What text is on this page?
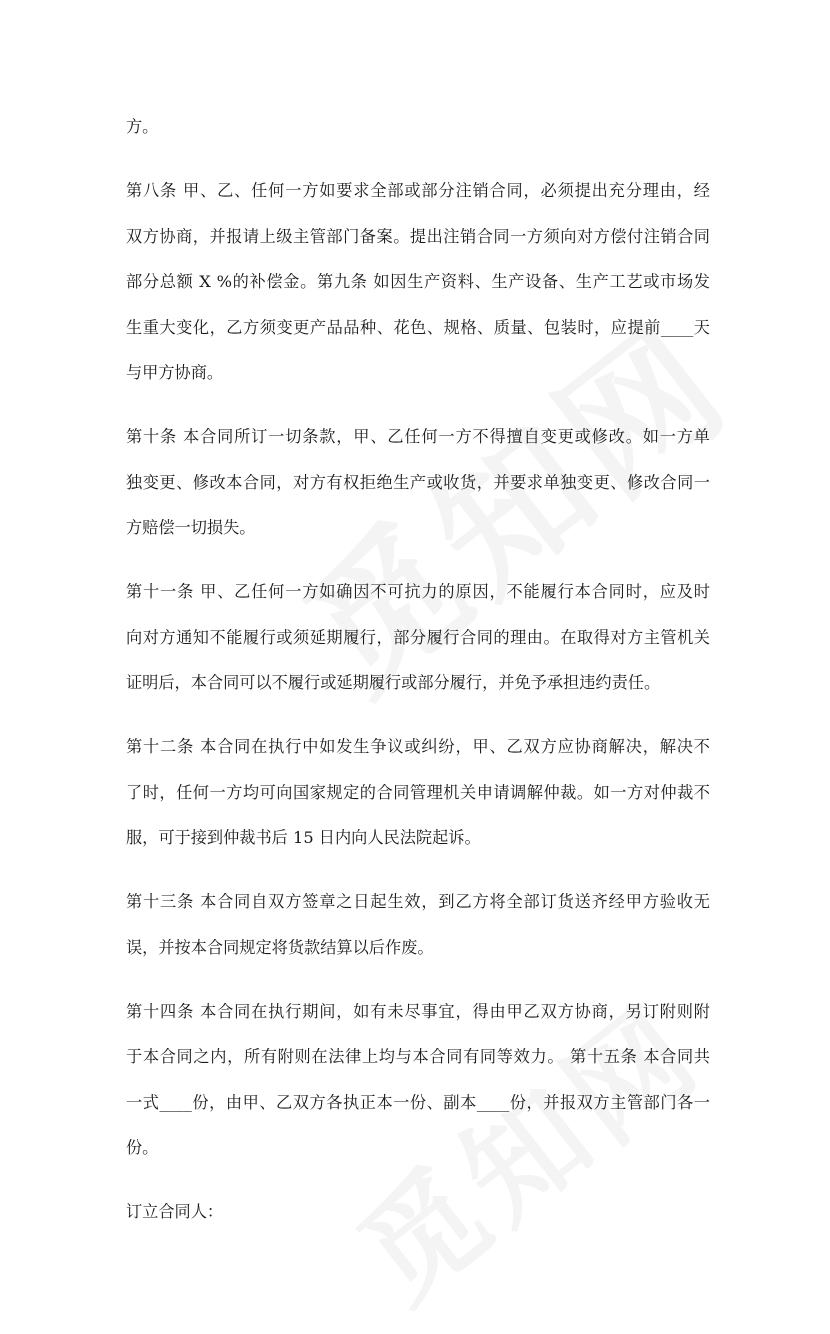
方。

第八条 甲、乙、任何一方如要求全部或部分注销合同，必须提出充分理由，经
双方协商，并报请上级主管部门备案。提出注销合同一方须向对方偿付注销合同
部分总额 X %的补偿金。第九条 如因生产资料、生产设备、生产工艺或市场发
生重大变化，乙方须变更产品品种、花色、规格、质量、包装时，应提前____天
与甲方协商。

第十条 本合同所订一切条款，甲、乙任何一方不得擅自变更或修改。如一方单
独变更、修改本合同，对方有权拒绝生产或收货，并要求单独变更、修改合同一
方赔偿一切损失。

第十一条 甲、乙任何一方如确因不可抗力的原因，不能履行本合同时，应及时
向对方通知不能履行或须延期履行，部分履行合同的理由。在取得对方主管机关
证明后，本合同可以不履行或延期履行或部分履行，并免予承担违约责任。

第十二条 本合同在执行中如发生争议或纠纷，甲、乙双方应协商解决，解决不
了时，任何一方均可向国家规定的合同管理机关申请调解仲裁。如一方对仲裁不
服，可于接到仲裁书后 15 日内向人民法院起诉。

第十三条 本合同自双方签章之日起生效，到乙方将全部订货送齐经甲方验收无
误，并按本合同规定将货款结算以后作废。

第十四条 本合同在执行期间，如有未尽事宜，得由甲乙双方协商，另订附则附
于本合同之内，所有附则在法律上均与本合同有同等效力。 第十五条 本合同共
一式____份，由甲、乙双方各执正本一份、副本____份，并报双方主管部门各一
份。

订立合同人：
